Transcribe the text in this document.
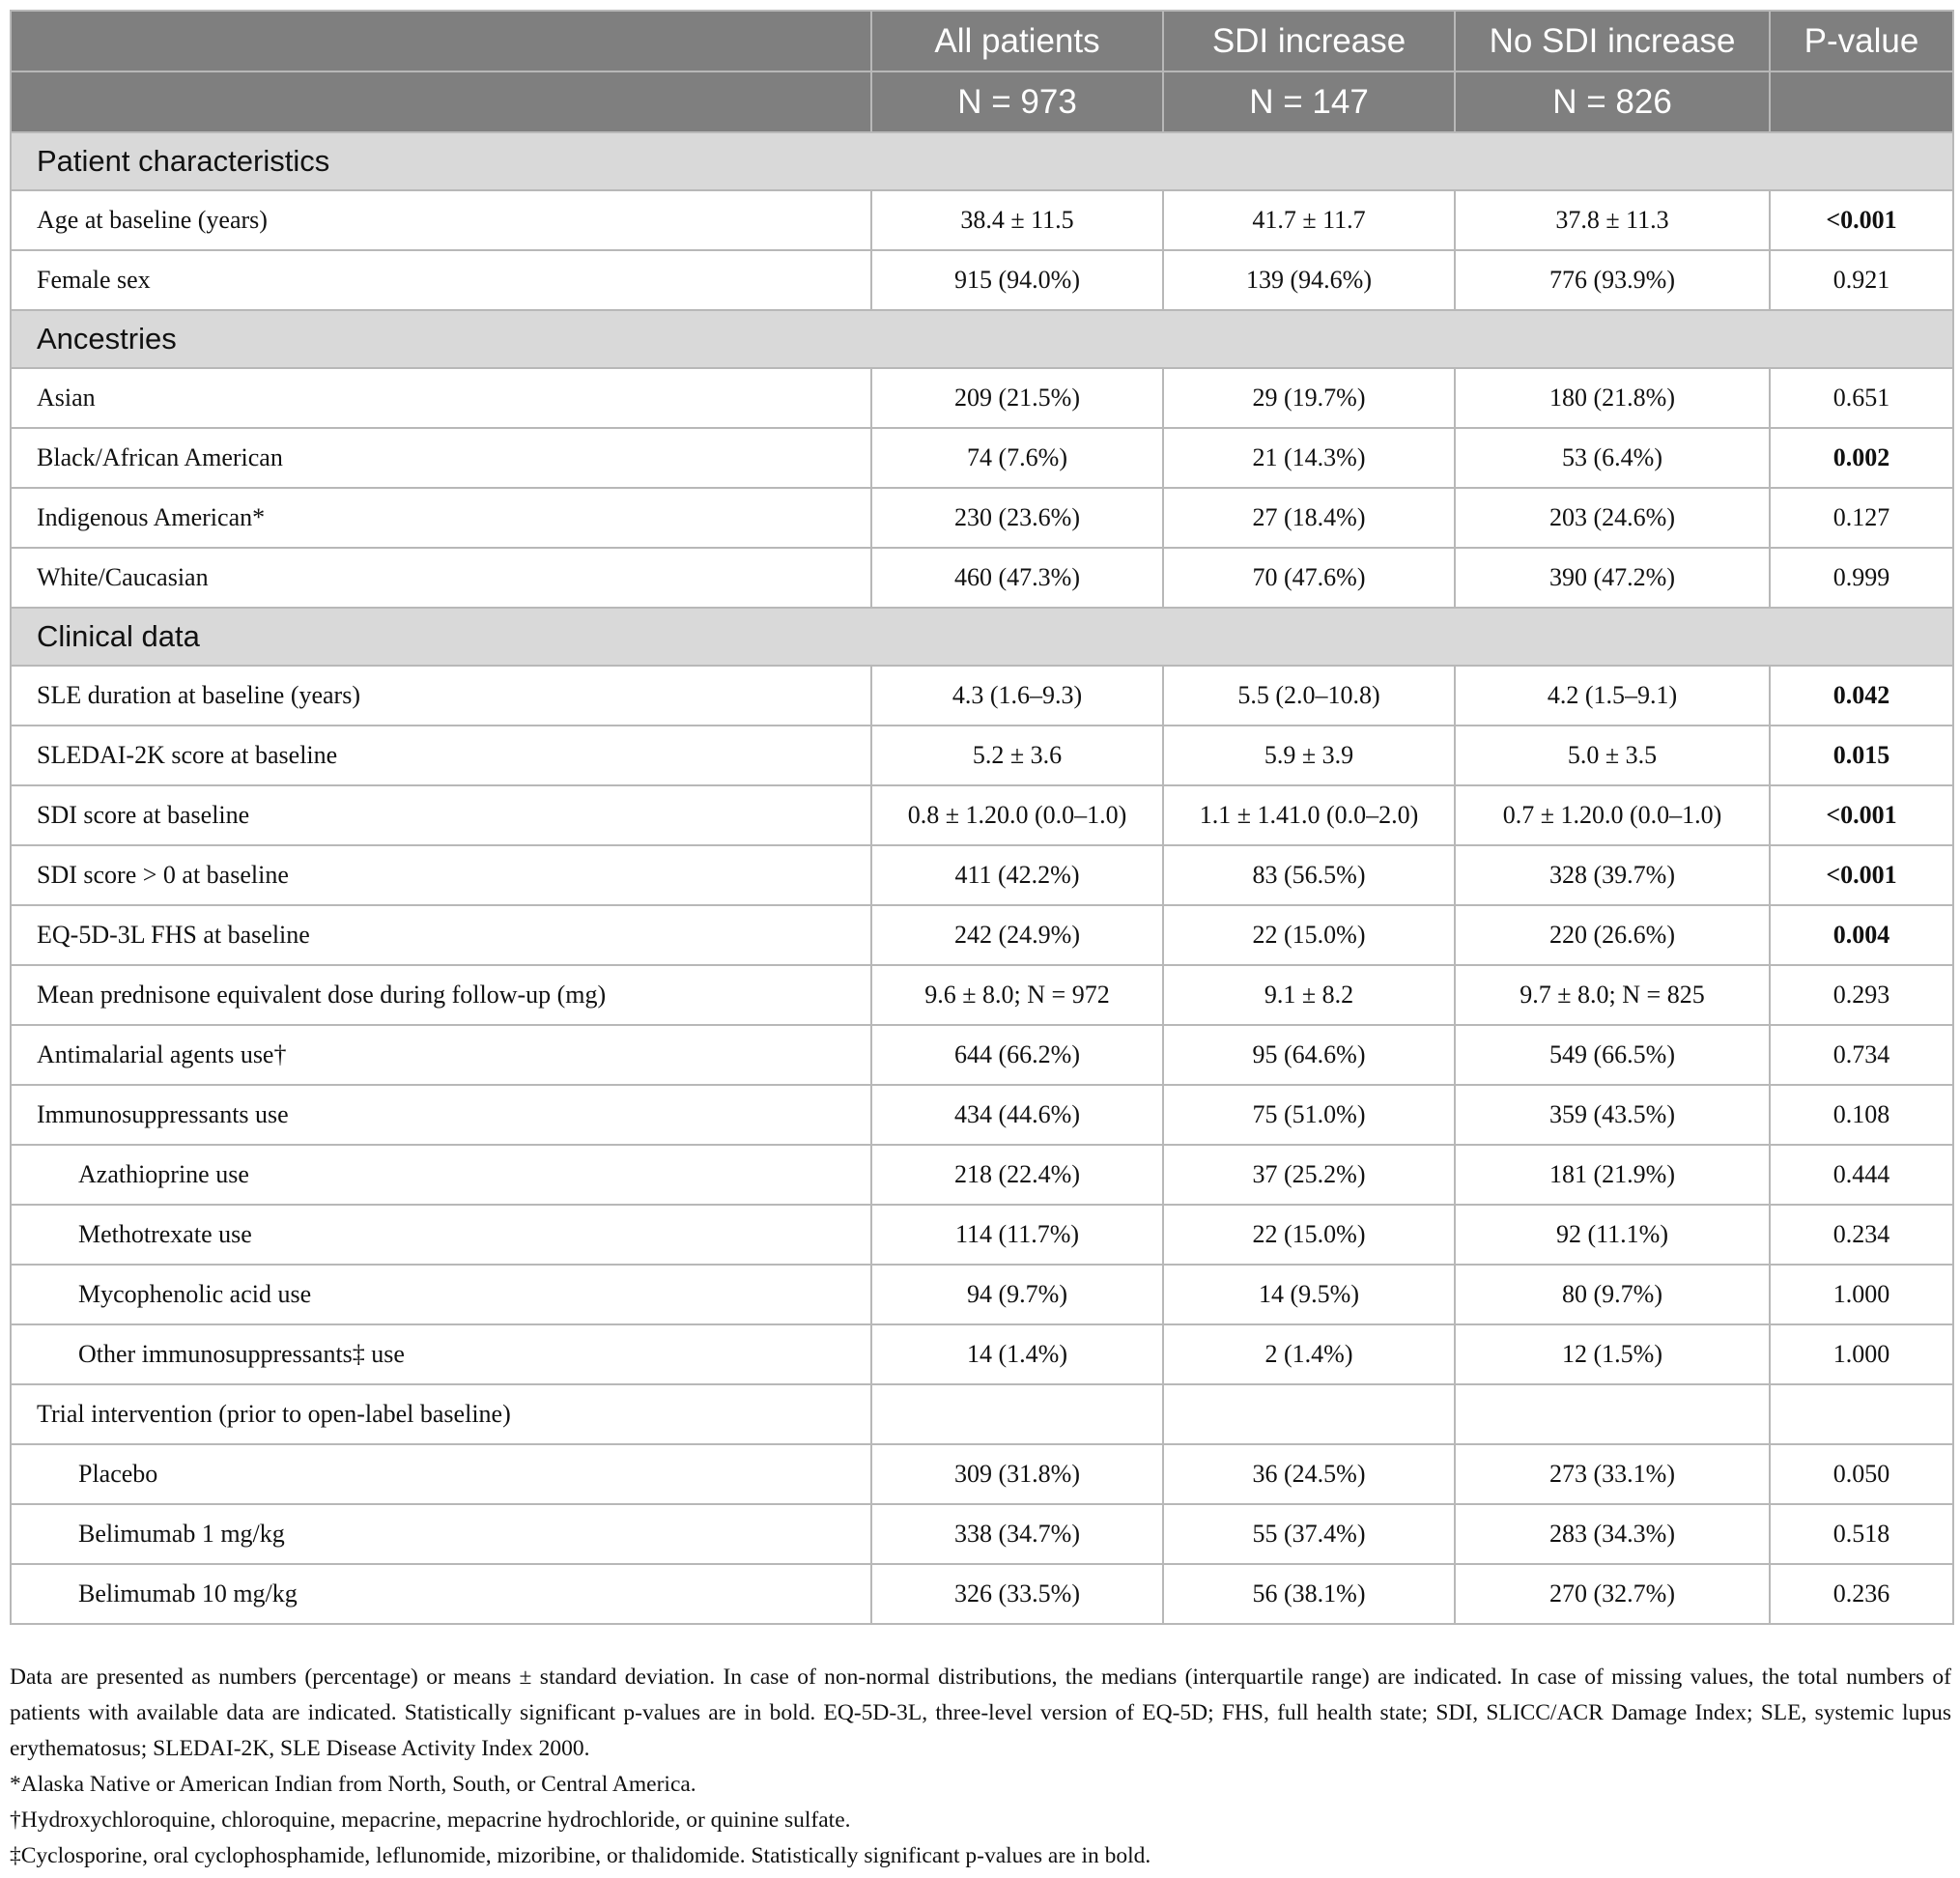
	All patients	SDI increase	No SDI increase	P-value
	N = 973	N = 147	N = 826	
Patient characteristics				
Age at baseline (years)	38.4 ± 11.5	41.7 ± 11.7	37.8 ± 11.3	<0.001
Female sex	915 (94.0%)	139 (94.6%)	776 (93.9%)	0.921
Ancestries				
Asian	209 (21.5%)	29 (19.7%)	180 (21.8%)	0.651
Black/African American	74 (7.6%)	21 (14.3%)	53 (6.4%)	0.002
Indigenous American*	230 (23.6%)	27 (18.4%)	203 (24.6%)	0.127
White/Caucasian	460 (47.3%)	70 (47.6%)	390 (47.2%)	0.999
Clinical data				
SLE duration at baseline (years)	4.3 (1.6–9.3)	5.5 (2.0–10.8)	4.2 (1.5–9.1)	0.042
SLEDAI-2K score at baseline	5.2 ± 3.6	5.9 ± 3.9	5.0 ± 3.5	0.015
SDI score at baseline	0.8 ± 1.20.0 (0.0–1.0)	1.1 ± 1.41.0 (0.0–2.0)	0.7 ± 1.20.0 (0.0–1.0)	<0.001
SDI score > 0 at baseline	411 (42.2%)	83 (56.5%)	328 (39.7%)	<0.001
EQ-5D-3L FHS at baseline	242 (24.9%)	22 (15.0%)	220 (26.6%)	0.004
Mean prednisone equivalent dose during follow-up (mg)	9.6 ± 8.0; N = 972	9.1 ± 8.2	9.7 ± 8.0; N = 825	0.293
Antimalarial agents use†	644 (66.2%)	95 (64.6%)	549 (66.5%)	0.734
Immunosuppressants use	434 (44.6%)	75 (51.0%)	359 (43.5%)	0.108
Azathioprine use	218 (22.4%)	37 (25.2%)	181 (21.9%)	0.444
Methotrexate use	114 (11.7%)	22 (15.0%)	92 (11.1%)	0.234
Mycophenolic acid use	94 (9.7%)	14 (9.5%)	80 (9.7%)	1.000
Other immunosuppressants‡ use	14 (1.4%)	2 (1.4%)	12 (1.5%)	1.000
Trial intervention (prior to open-label baseline)				
Placebo	309 (31.8%)	36 (24.5%)	273 (33.1%)	0.050
Belimumab 1 mg/kg	338 (34.7%)	55 (37.4%)	283 (34.3%)	0.518
Belimumab 10 mg/kg	326 (33.5%)	56 (38.1%)	270 (32.7%)	0.236

Data are presented as numbers (percentage) or means ± standard deviation. In case of non-normal distributions, the medians (interquartile range) are indicated. In case of missing values, the total numbers of patients with available data are indicated. Statistically significant p-values are in bold. EQ-5D-3L, three-level version of EQ-5D; FHS, full health state; SDI, SLICC/ACR Damage Index; SLE, systemic lupus erythematosus; SLEDAI-2K, SLE Disease Activity Index 2000.

*Alaska Native or American Indian from North, South, or Central America.

†Hydroxychloroquine, chloroquine, mepacrine, mepacrine hydrochloride, or quinine sulfate.

‡Cyclosporine, oral cyclophosphamide, leflunomide, mizoribine, or thalidomide. Statistically significant p-values are in bold.
